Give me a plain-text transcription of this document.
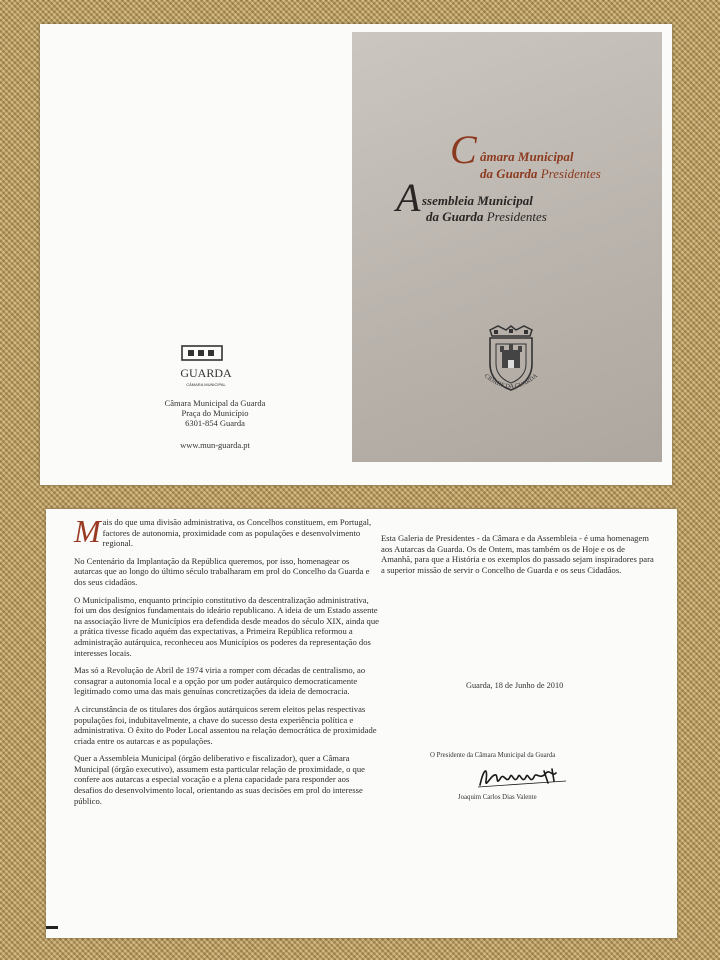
GUARDA
CÂMARA MUNICIPAL
Câmara Municipal da Guarda
Praça do Município
6301-854 Guarda
www.mun-guarda.pt
C âmara Municipal
da Guarda Presidentes
A ssembleia Municipal
da Guarda Presidentes
CIDADE DA GUARDA

Mais do que uma divisão administrativa, os Concelhos constituem, em Portugal, factores de autonomia, proximidade com as populações e desenvolvimento regional.

No Centenário da Implantação da República queremos, por isso, homenagear os autarcas que ao longo do último século trabalharam em prol do Concelho da Guarda e dos seus cidadãos.

O Municipalismo, enquanto princípio constitutivo da descentralização administrativa, foi um dos desígnios fundamentais do ideário republicano. A ideia de um Estado assente na associação livre de Municípios era defendida desde meados do século XIX, ainda que a prática tivesse ficado aquém das expectativas, a Primeira República reformou a administração autárquica, reconheceu aos Municípios os poderes da representação dos interesses locais.

Mas só a Revolução de Abril de 1974 viria a romper com décadas de centralismo, ao consagrar a autonomia local e a opção por um poder autárquico democraticamente legitimado como uma das mais genuínas concretizações da ideia de democracia.

A circunstância de os titulares dos órgãos autárquicos serem eleitos pelas respectivas populações foi, indubitavelmente, a chave do sucesso desta experiência política e administrativa. O êxito do Poder Local assentou na relação democrática de proximidade criada entre os autarcas e as populações.

Quer a Assembleia Municipal (órgão deliberativo e fiscalizador), quer a Câmara Municipal (órgão executivo), assumem esta particular relação de proximidade, o que confere aos autarcas a especial vocação e a plena capacidade para responder aos desafios do desenvolvimento local, orientando as suas decisões em prol do interesse público.

Esta Galeria de Presidentes - da Câmara e da Assembleia - é uma homenagem aos Autarcas da Guarda. Os de Ontem, mas também os de Hoje e os de Amanhã, para que a História e os exemplos do passado sejam inspiradores para a superior missão de servir o Concelho de Guarda e os seus Cidadãos.

Guarda, 18 de Junho de 2010
O Presidente da Câmara Municipal da Guarda
Joaquim Carlos Dias Valente
